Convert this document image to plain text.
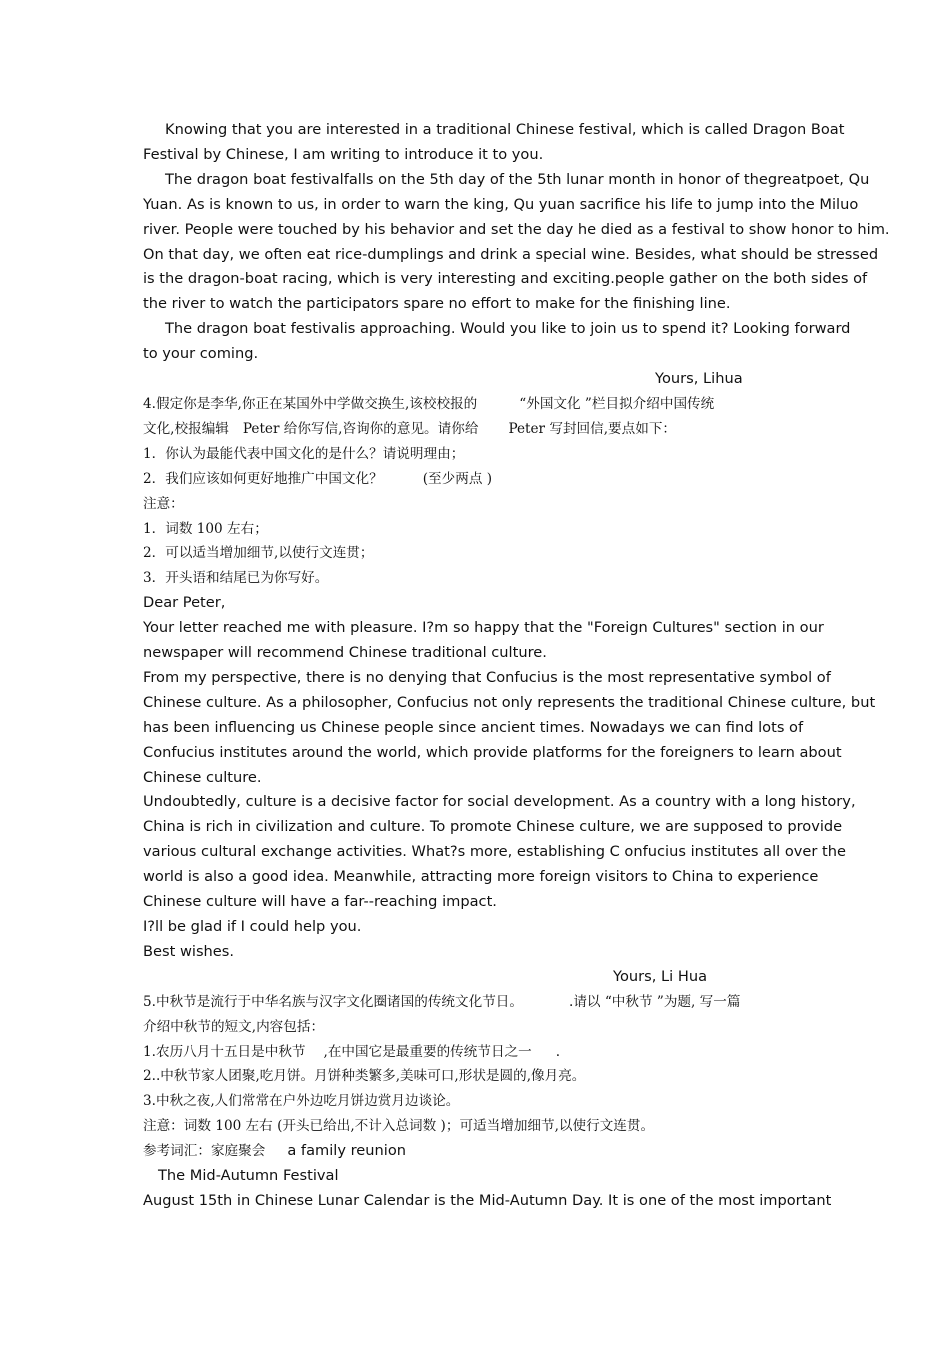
Knowing that you are interested in a traditional Chinese festival, which is called Dragon Boat
Festival by Chinese, I am writing to introduce it to you.
The dragon boat festivalfalls on the 5th day of the 5th lunar month in honor of thegreatpoet, Qu
Yuan. As is known to us, in order to warn the king, Qu yuan sacrifice his life to jump into the Miluo
river. People were touched by his behavior and set the day he died as a festival to show honor to him.
On that day, we often eat rice-dumplings and drink a special wine. Besides, what should be stressed
is the dragon-boat racing, which is very interesting and exciting.people gather on the both sides of
the river to watch the participators spare no effort to make for the finishing line.
The dragon boat festivalis approaching. Would you like to join us to spend it? Looking forward
to your coming.
Yours, Lihua
4.假定你是李华,你正在某国外中学做交换生,该校校报的	“外国文化 ”栏目拟介绍中国传统
文化,校报编辑 Peter 给你写信,咨询你的意见。请你给 Peter 写封回信,要点如下：
1．你认为最能代表中国文化的是什么？请说明理由；
2．我们应该如何更好地推广中国文化？	(至少两点 )
注意：
1．词数 100 左右；
2．可以适当增加细节,以使行文连贯；
3．开头语和结尾已为你写好。
Dear Peter,
Your letter reached me with pleasure. I?m so happy that the "Foreign Cultures" section in our
newspaper will recommend Chinese traditional culture.
From my perspective, there is no denying that Confucius is the most representative symbol of
Chinese culture. As a philosopher, Confucius not only represents the traditional Chinese culture, but
has been influencing us Chinese people since ancient times. Nowadays we can find lots of
Confucius institutes around the world, which provide platforms for the foreigners to learn about
Chinese culture.
Undoubtedly, culture is a decisive factor for social development. As a country with a long history,
China is rich in civilization and culture. To promote Chinese culture, we are supposed to provide
various cultural exchange activities. What?s more, establishing C onfucius institutes all over the
world is also a good idea. Meanwhile, attracting more foreign visitors to China to experience
Chinese culture will have a far--reaching impact.
I?ll be glad if I could help you.
Best wishes.
Yours, Li Hua
5.中秋节是流行于中华名族与汉字文化圈诸国的传统文化节日。	.请以 “中秋节 ”为题, 写一篇
介绍中秋节的短文,内容包括：
1.农历八月十五日是中秋节 ,在中国它是最重要的传统节日之一 .
2..中秋节家人团聚,吃月饼。月饼种类繁多,美味可口,形状是圆的,像月亮。
3.中秋之夜,人们常常在户外边吃月饼边赏月边谈论。
注意：词数 100 左右 (开头已给出,不计入总词数 )；可适当增加细节,以使行文连贯。
参考词汇：家庭聚会 a family reunion
The Mid-Autumn Festival
August 15th in Chinese Lunar Calendar is the Mid-Autumn Day. It is one of the most important
